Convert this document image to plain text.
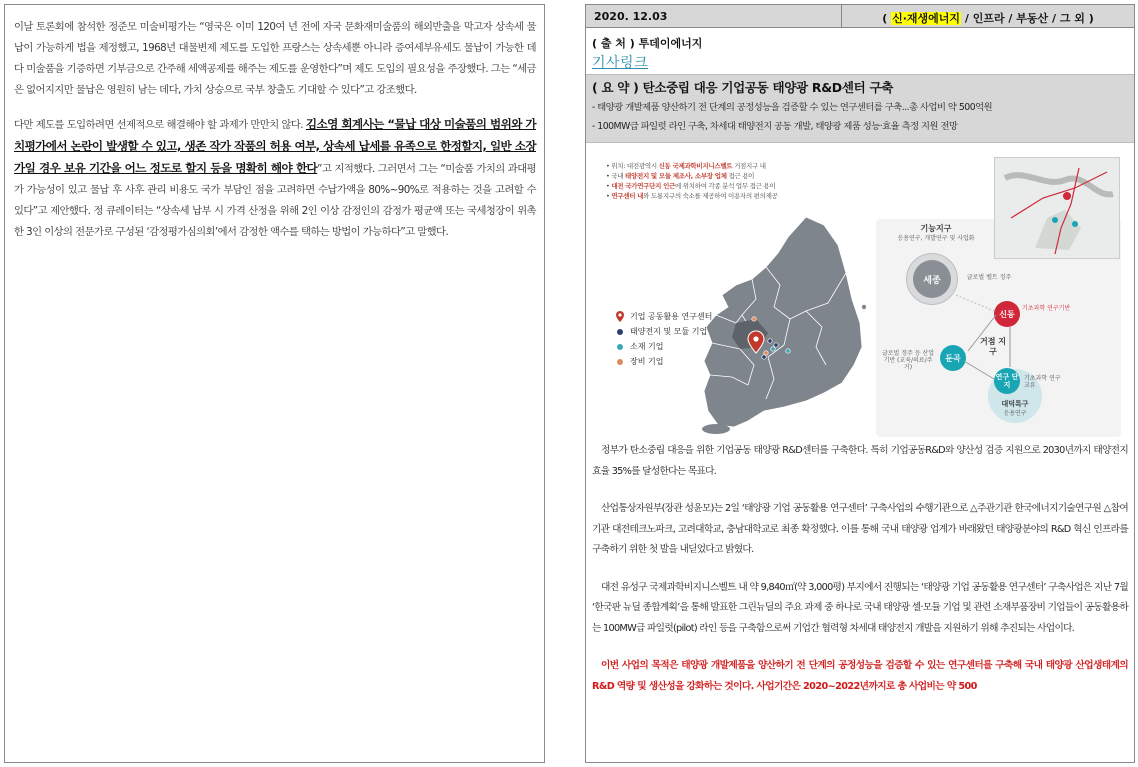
이날 토론회에 참석한 정준모 미술비평가는 “영국은 이미 120여 년 전에 자국 문화재미술품의 해외반출을 막고자 상속세 물납이 가능하게 법을 제정했고, 1968년 대물변제 제도를 도입한 프랑스는 상속세뿐 아니라 증여세부유세도 물납이 가능한 데다 미술품을 기증하면 기부금으로 간주해 세액공제를 해주는 제도를 운영한다”며 제도 도입의 필요성을 주장했다. 그는 “세금은 없어지지만 물납은 영원히 남는 데다, 가치 상승으로 국부 창출도 기대할 수 있다”고 강조했다.

다만 제도를 도입하려면 선제적으로 해결해야 할 과제가 만만치 않다. 김소영 회계사는 “물납 대상 미술품의 범위와 가치평가에서 논란이 발생할 수 있고, 생존 작가 작품의 허용 여부, 상속세 납세를 유족으로 한정할지, 일반 소장가일 경우 보유 기간을 어느 정도로 할지 등을 명확히 해야 한다”고 지적했다. 그러면서 그는 “미술품 가치의 과대평가 가능성이 있고 물납 후 사후 관리 비용도 국가 부담인 점을 고려하면 수납가액을 80%~90%로 적용하는 것을 고려할 수 있다”고 제안했다. 정 큐레이터는 “상속세 납부 시 가격 산정을 위해 2인 이상 감정인의 감정가 평균액 또는 국세청장이 위촉한 3인 이상의 전문가로 구성된 ‘감정평가심의회’에서 감정한 액수를 택하는 방법이 가능하다”고 말했다.

2020. 12.03	( 신·재생에너지 / 인프라 / 부동산 / 그 외 )
( 출 처 ) 투데이에너지
기사링크
( 요 약 ) 탄소중립 대응 기업공동 태양광 R&D센터 구축
- 태양광 개발제품 양산하기 전 단계의 공정성능을 검증할 수 있는 연구센터를 구축...총 사업비 약 500억원
- 100MW급 파일럿 라인 구축, 차세대 태양전지 공동 개발, 태양광 제품 성능·효율 측정 지원 전망
• 위치: 대전광역시 신동 국제과학비지니스벨트 거점지구 내
• 국내 태양전지 및 모듈 제조사, 소부장 업체 접근 용이
• 대전 국가연구단지 인근에 위치하여 각종 분석 업무 접근 용이
• 연구센터 내와 도룡지구의 숙소를 제공하여 이용자의 편의제공
기업 공동활용 연구센터
태양전지 및 모듈 기업
소재 기업
장비 기업
기능지구
응용연구, 개발연구 및 사업화
세종	글로벌 벨트 정주
신동
기초과학 연구기반
거점 지구
둔곡
글로벌 정주 등 산업기반 (교육/의료/주거)
연구 단지
기초과학 연구교류
대덕특구
응용연구

정부가 탄소중립 대응을 위한 기업공동 태양광 R&D센터를 구축한다. 특히 기업공동R&D와 양산성 검증 지원으로 2030년까지 태양전지 효율 35%를 달성한다는 목표다.

산업통상자원부(장관 성윤모)는 2일 ‘태양광 기업 공동활용 연구센터’ 구축사업의 수행기관으로 △주관기관 한국에너지기술연구원 △참여기관 대전테크노파크, 고려대학교, 충남대학교로 최종 확정했다. 이를 통해 국내 태양광 업계가 바래왔던 태양광분야의 R&D 혁신 인프라를 구축하기 위한 첫 발을 내딛었다고 밝혔다.

대전 유성구 국제과학비지니스벨트 내 약 9,840㎡(약 3,000평) 부지에서 진행되는 ‘태양광 기업 공동활용 연구센터’ 구축사업은 지난 7월 ‘한국판 뉴딜 종합계획’을 통해 발표한 그린뉴딜의 주요 과제 중 하나로 국내 태양광 셀·모듈 기업 및 관련 소재부품장비 기업들이 공동활용하는 100MW급 파일럿(pilot) 라인 등을 구축함으로써 기업간 협력형 차세대 태양전지 개발을 지원하기 위해 추진되는 사업이다.

이번 사업의 목적은 태양광 개발제품을 양산하기 전 단계의 공정성능을 검증할 수 있는 연구센터를 구축해 국내 태양광 산업생태계의 R&D 역량 및 생산성을 강화하는 것이다. 사업기간은 2020~2022년까지로 총 사업비는 약 500
